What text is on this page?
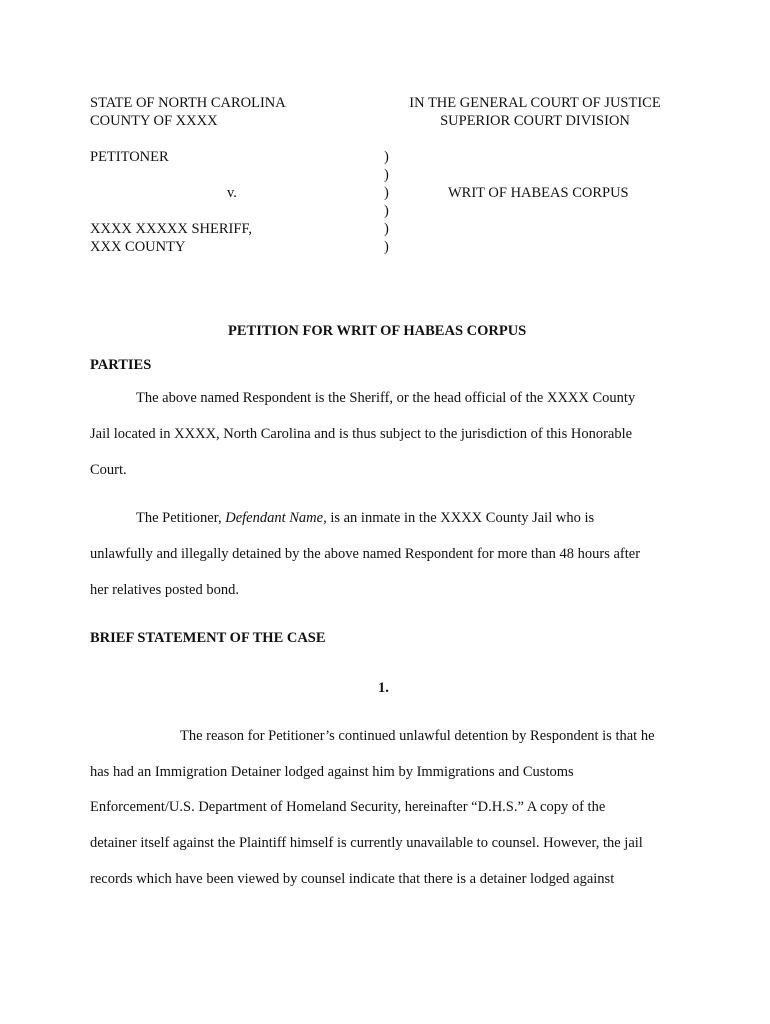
STATE OF NORTH CAROLINA
COUNTY OF XXXX
IN THE GENERAL COURT OF JUSTICE
SUPERIOR COURT DIVISION
PETITONER
v.
XXXX XXXXX SHERIFF,
XXX COUNTY
)
)
)
)
)
)
WRIT OF HABEAS CORPUS
PETITION FOR WRIT OF HABEAS CORPUS
PARTIES
The above named Respondent is the Sheriff, or the head official of the XXXX County
Jail located in XXXX, North Carolina and is thus subject to the jurisdiction of this Honorable
Court.
The Petitioner, Defendant Name, is an inmate in the XXXX County Jail who is
unlawfully and illegally detained by the above named Respondent for more than 48 hours after
her relatives posted bond.
BRIEF STATEMENT OF THE CASE
1.
The reason for Petitioner’s continued unlawful detention by Respondent is that he
has had an Immigration Detainer lodged against him by Immigrations and Customs
Enforcement/U.S. Department of Homeland Security, hereinafter “D.H.S.” A copy of the
detainer itself against the Plaintiff himself is currently unavailable to counsel. However, the jail
records which have been viewed by counsel indicate that there is a detainer lodged against
